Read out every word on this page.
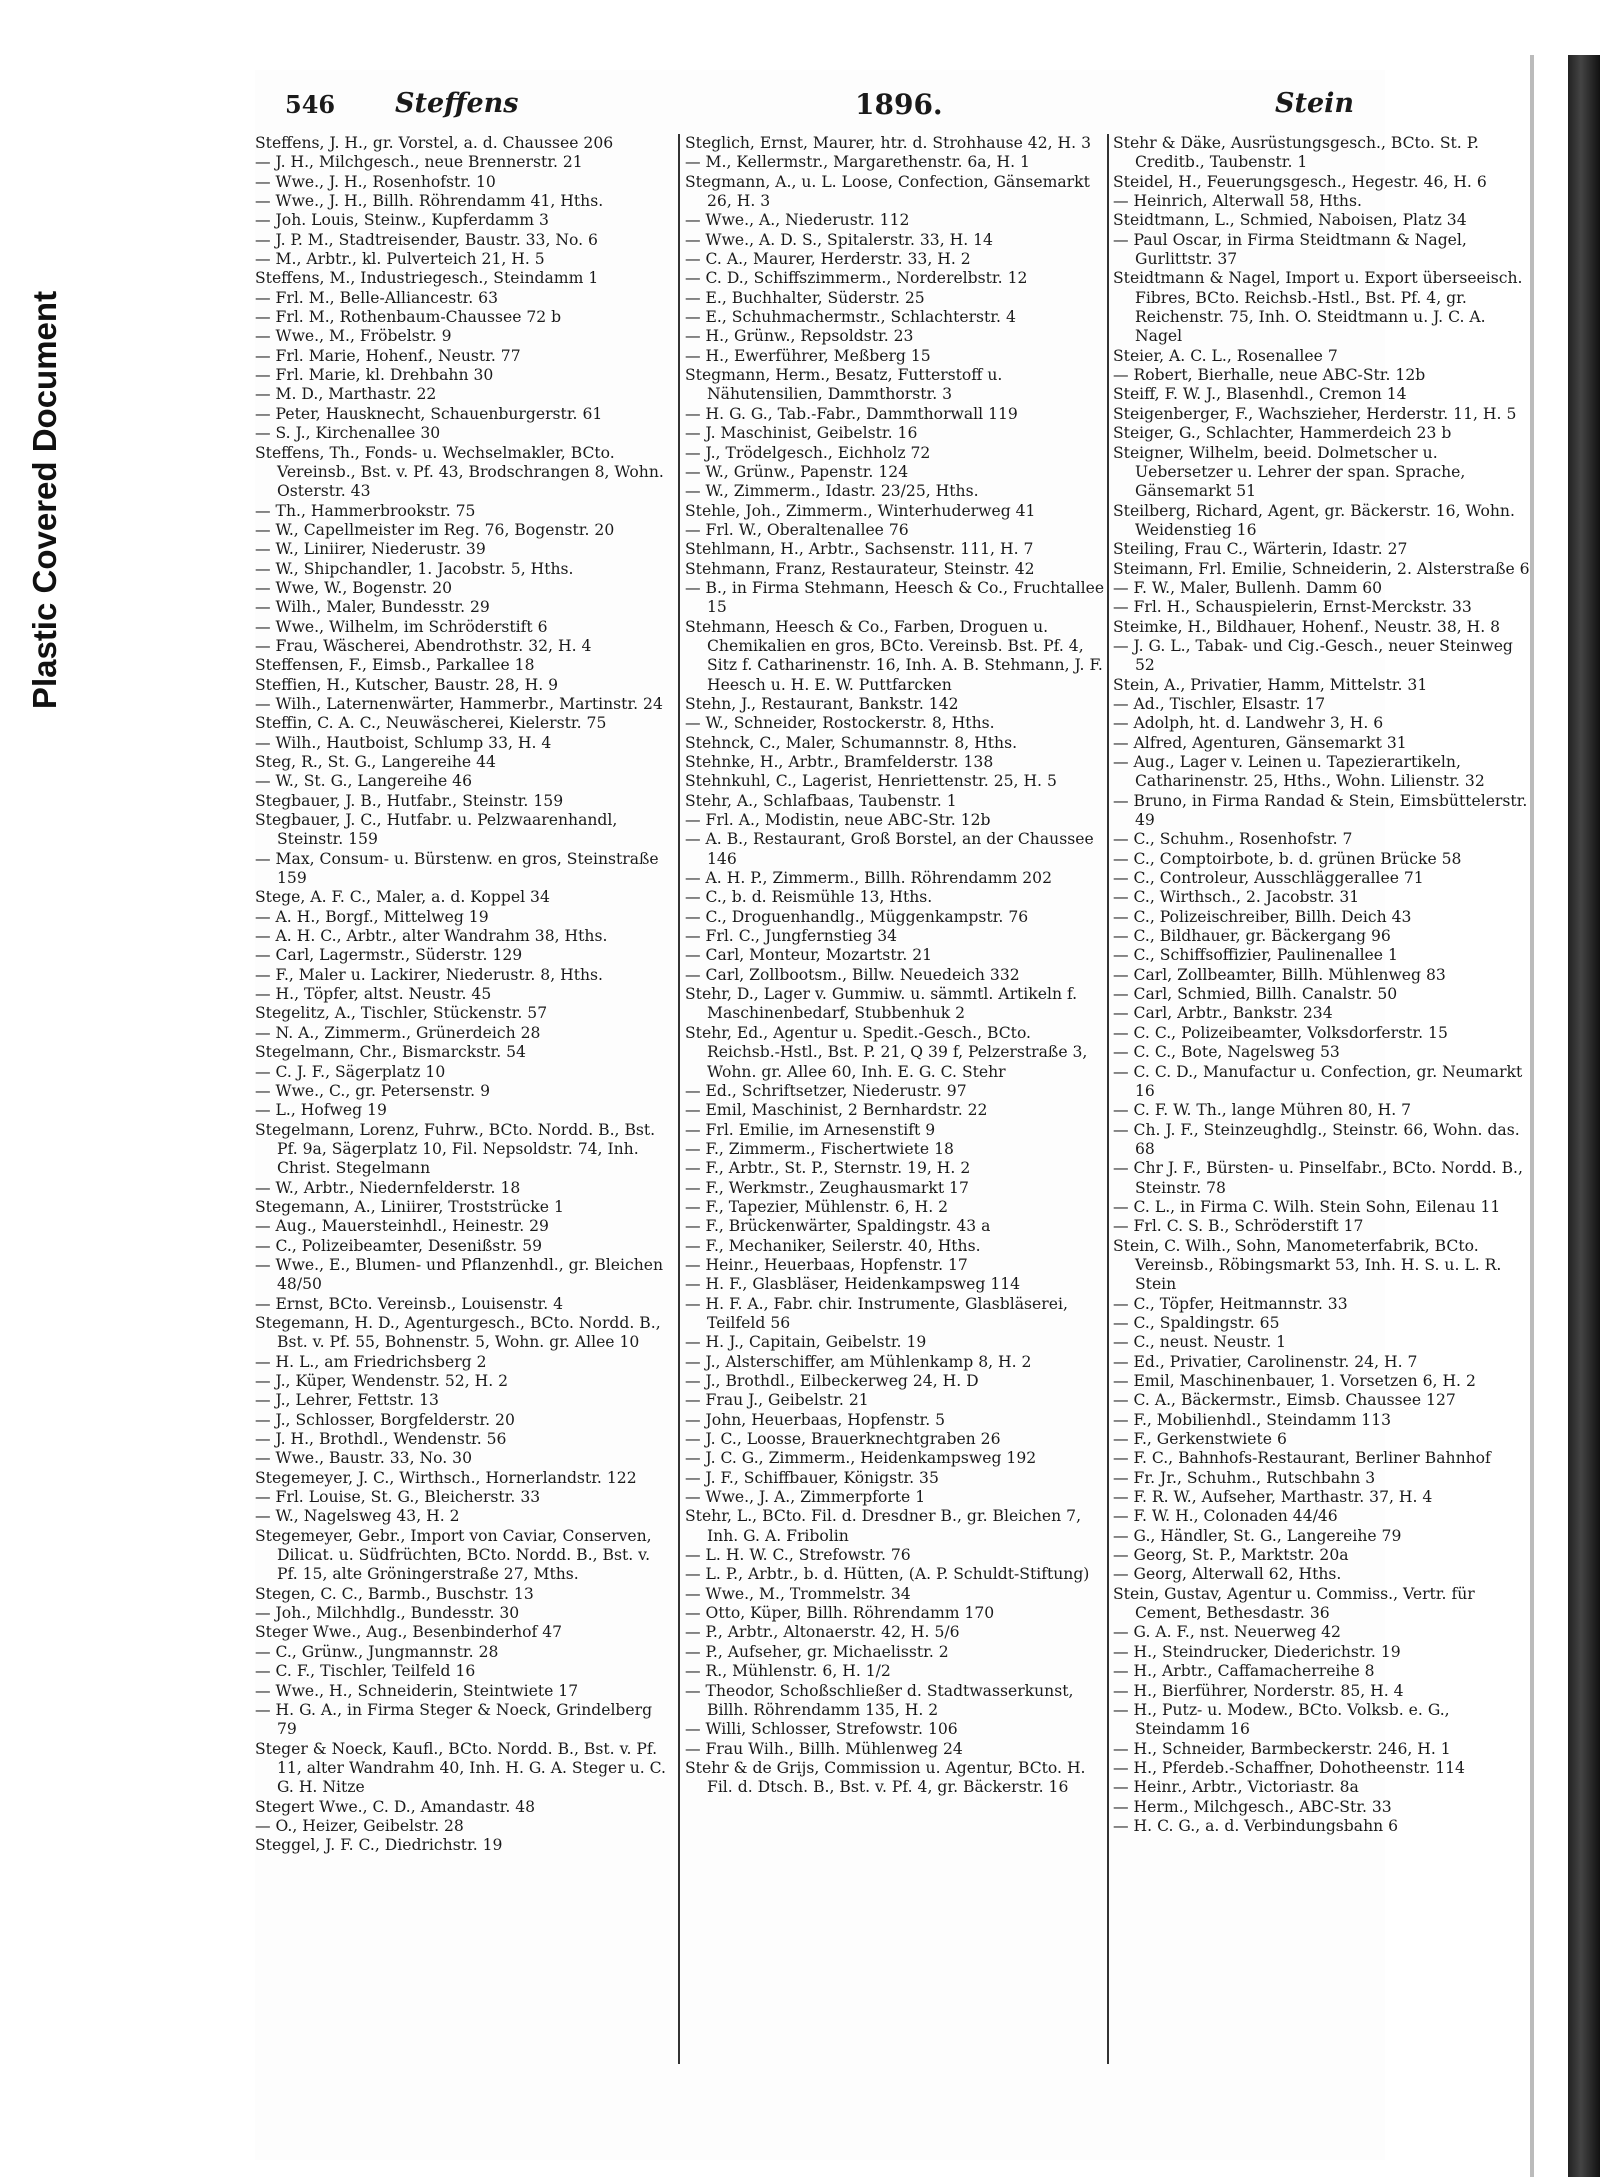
Plastic Covered Document
546 Steffens	1896.	Stein

Steffens, J. H., gr. Vorstel, a. d. Chaussee 206

— J. H., Milchgesch., neue Brennerstr. 21

— Wwe., J. H., Rosenhofstr. 10

— Wwe., J. H., Billh. Röhrendamm 41, Hths.

— Joh. Louis, Steinw., Kupferdamm 3

— J. P. M., Stadtreisender, Baustr. 33, No. 6

— M., Arbtr., kl. Pulverteich 21, H. 5

Steffens, M., Industriegesch., Steindamm 1

— Frl. M., Belle-Alliancestr. 63

— Frl. M., Rothenbaum-Chaussee 72 b

— Wwe., M., Fröbelstr. 9

— Frl. Marie, Hohenf., Neustr. 77

— Frl. Marie, kl. Drehbahn 30

— M. D., Marthastr. 22

— Peter, Hausknecht, Schauenburgerstr. 61

— S. J., Kirchenallee 30

Steffens, Th., Fonds- u. Wechselmakler, BCto. Vereinsb., Bst. v. Pf. 43, Brodschrangen 8, Wohn. Osterstr. 43

— Th., Hammerbrookstr. 75

— W., Capellmeister im Reg. 76, Bogenstr. 20

— W., Liniirer, Niederustr. 39

— W., Shipchandler, 1. Jacobstr. 5, Hths.

— Wwe, W., Bogenstr. 20

— Wilh., Maler, Bundesstr. 29

— Wwe., Wilhelm, im Schröderstift 6

— Frau, Wäscherei, Abendrothstr. 32, H. 4

Steffensen, F., Eimsb., Parkallee 18

Steffien, H., Kutscher, Baustr. 28, H. 9

— Wilh., Laternenwärter, Hammerbr., Martinstr. 24

Steffin, C. A. C., Neuwäscherei, Kielerstr. 75

— Wilh., Hautboist, Schlump 33, H. 4

Steg, R., St. G., Langereihe 44

— W., St. G., Langereihe 46

Stegbauer, J. B., Hutfabr., Steinstr. 159

Stegbauer, J. C., Hutfabr. u. Pelzwaarenhandl, Steinstr. 159

— Max, Consum- u. Bürstenw. en gros, Steinstraße 159

Stege, A. F. C., Maler, a. d. Koppel 34

— A. H., Borgf., Mittelweg 19

— A. H. C., Arbtr., alter Wandrahm 38, Hths.

— Carl, Lagermstr., Süderstr. 129

— F., Maler u. Lackirer, Niederustr. 8, Hths.

— H., Töpfer, altst. Neustr. 45

Stegelitz, A., Tischler, Stückenstr. 57

— N. A., Zimmerm., Grünerdeich 28

Stegelmann, Chr., Bismarckstr. 54

— C. J. F., Sägerplatz 10

— Wwe., C., gr. Petersenstr. 9

— L., Hofweg 19

Stegelmann, Lorenz, Fuhrw., BCto. Nordd. B., Bst. Pf. 9a, Sägerplatz 10, Fil. Nepsoldstr. 74, Inh. Christ. Stegelmann

— W., Arbtr., Niedernfelderstr. 18

Stegemann, A., Liniirer, Troststrücke 1

— Aug., Mauersteinhdl., Heinestr. 29

— C., Polizeibeamter, Desenißstr. 59

— Wwe., E., Blumen- und Pflanzenhdl., gr. Bleichen 48/50

— Ernst, BCto. Vereinsb., Louisenstr. 4

Stegemann, H. D., Agenturgesch., BCto. Nordd. B., Bst. v. Pf. 55, Bohnenstr. 5, Wohn. gr. Allee 10

— H. L., am Friedrichsberg 2

— J., Küper, Wendenstr. 52, H. 2

— J., Lehrer, Fettstr. 13

— J., Schlosser, Borgfelderstr. 20

— J. H., Brothdl., Wendenstr. 56

— Wwe., Baustr. 33, No. 30

Stegemeyer, J. C., Wirthsch., Hornerlandstr. 122

— Frl. Louise, St. G., Bleicherstr. 33

— W., Nagelsweg 43, H. 2

Stegemeyer, Gebr., Import von Caviar, Conserven, Dilicat. u. Südfrüchten, BCto. Nordd. B., Bst. v. Pf. 15, alte Gröningerstraße 27, Mths.

Stegen, C. C., Barmb., Buschstr. 13

— Joh., Milchhdlg., Bundesstr. 30

Steger Wwe., Aug., Besenbinderhof 47

— C., Grünw., Jungmannstr. 28

— C. F., Tischler, Teilfeld 16

— Wwe., H., Schneiderin, Steintwiete 17

— H. G. A., in Firma Steger & Noeck, Grindelberg 79

Steger & Noeck, Kaufl., BCto. Nordd. B., Bst. v. Pf. 11, alter Wandrahm 40, Inh. H. G. A. Steger u. C. G. H. Nitze

Stegert Wwe., C. D., Amandastr. 48

— O., Heizer, Geibelstr. 28

Steggel, J. F. C., Diedrichstr. 19

Steglich, Ernst, Maurer, htr. d. Strohhause 42, H. 3

— M., Kellermstr., Margarethenstr. 6a, H. 1

Stegmann, A., u. L. Loose, Confection, Gänsemarkt 26, H. 3

— Wwe., A., Niederustr. 112

— Wwe., A. D. S., Spitalerstr. 33, H. 14

— C. A., Maurer, Herderstr. 33, H. 2

— C. D., Schiffszimmerm., Norderelbstr. 12

— E., Buchhalter, Süderstr. 25

— E., Schuhmachermstr., Schlachterstr. 4

— H., Grünw., Repsoldstr. 23

— H., Ewerführer, Meßberg 15

Stegmann, Herm., Besatz, Futterstoff u. Nähutensilien, Dammthorstr. 3

— H. G. G., Tab.-Fabr., Dammthorwall 119

— J. Maschinist, Geibelstr. 16

— J., Trödelgesch., Eichholz 72

— W., Grünw., Papenstr. 124

— W., Zimmerm., Idastr. 23/25, Hths.

Stehle, Joh., Zimmerm., Winterhuderweg 41

— Frl. W., Oberaltenallee 76

Stehlmann, H., Arbtr., Sachsenstr. 111, H. 7

Stehmann, Franz, Restaurateur, Steinstr. 42

— B., in Firma Stehmann, Heesch & Co., Fruchtallee 15

Stehmann, Heesch & Co., Farben, Droguen u. Chemikalien en gros, BCto. Vereinsb. Bst. Pf. 4, Sitz f. Catharinenstr. 16, Inh. A. B. Stehmann, J. F. Heesch u. H. E. W. Puttfarcken

Stehn, J., Restaurant, Bankstr. 142

— W., Schneider, Rostockerstr. 8, Hths.

Stehnck, C., Maler, Schumannstr. 8, Hths.

Stehnke, H., Arbtr., Bramfelderstr. 138

Stehnkuhl, C., Lagerist, Henriettenstr. 25, H. 5

Stehr, A., Schlafbaas, Taubenstr. 1

— Frl. A., Modistin, neue ABC-Str. 12b

— A. B., Restaurant, Groß Borstel, an der Chaussee 146

— A. H. P., Zimmerm., Billh. Röhrendamm 202

— C., b. d. Reismühle 13, Hths.

— C., Droguenhandlg., Müggenkampstr. 76

— Frl. C., Jungfernstieg 34

— Carl, Monteur, Mozartstr. 21

— Carl, Zollbootsm., Billw. Neuedeich 332

Stehr, D., Lager v. Gummiw. u. sämmtl. Artikeln f. Maschinenbedarf, Stubbenhuk 2

Stehr, Ed., Agentur u. Spedit.-Gesch., BCto. Reichsb.-Hstl., Bst. P. 21, Q 39 f, Pelzerstraße 3, Wohn. gr. Allee 60, Inh. E. G. C. Stehr

— Ed., Schriftsetzer, Niederustr. 97

— Emil, Maschinist, 2 Bernhardstr. 22

— Frl. Emilie, im Arnesenstift 9

— F., Zimmerm., Fischertwiete 18

— F., Arbtr., St. P., Sternstr. 19, H. 2

— F., Werkmstr., Zeughausmarkt 17

— F., Tapezier, Mühlenstr. 6, H. 2

— F., Brückenwärter, Spaldingstr. 43 a

— F., Mechaniker, Seilerstr. 40, Hths.

— Heinr., Heuerbaas, Hopfenstr. 17

— H. F., Glasbläser, Heidenkampsweg 114

— H. F. A., Fabr. chir. Instrumente, Glasbläserei, Teilfeld 56

— H. J., Capitain, Geibelstr. 19

— J., Alsterschiffer, am Mühlenkamp 8, H. 2

— J., Brothdl., Eilbeckerweg 24, H. D

— Frau J., Geibelstr. 21

— John, Heuerbaas, Hopfenstr. 5

— J. C., Loosse, Brauerknechtgraben 26

— J. C. G., Zimmerm., Heidenkampsweg 192

— J. F., Schiffbauer, Königstr. 35

— Wwe., J. A., Zimmerpforte 1

Stehr, L., BCto. Fil. d. Dresdner B., gr. Bleichen 7, Inh. G. A. Fribolin

— L. H. W. C., Strefowstr. 76

— L. P., Arbtr., b. d. Hütten, (A. P. Schuldt-Stiftung)

— Wwe., M., Trommelstr. 34

— Otto, Küper, Billh. Röhrendamm 170

— P., Arbtr., Altonaerstr. 42, H. 5/6

— P., Aufseher, gr. Michaelisstr. 2

— R., Mühlenstr. 6, H. 1/2

— Theodor, Schoßschließer d. Stadtwasserkunst, Billh. Röhrendamm 135, H. 2

— Willi, Schlosser, Strefowstr. 106

— Frau Wilh., Billh. Mühlenweg 24

Stehr & de Grijs, Commission u. Agentur, BCto. H. Fil. d. Dtsch. B., Bst. v. Pf. 4, gr. Bäckerstr. 16

Stehr & Däke, Ausrüstungsgesch., BCto. St. P. Creditb., Taubenstr. 1

Steidel, H., Feuerungsgesch., Hegestr. 46, H. 6

— Heinrich, Alterwall 58, Hths.

Steidtmann, L., Schmied, Naboisen, Platz 34

— Paul Oscar, in Firma Steidtmann & Nagel, Gurlittstr. 37

Steidtmann & Nagel, Import u. Export überseeisch. Fibres, BCto. Reichsb.-Hstl., Bst. Pf. 4, gr. Reichenstr. 75, Inh. O. Steidtmann u. J. C. A. Nagel

Steier, A. C. L., Rosenallee 7

— Robert, Bierhalle, neue ABC-Str. 12b

Steiff, F. W. J., Blasenhdl., Cremon 14

Steigenberger, F., Wachszieher, Herderstr. 11, H. 5

Steiger, G., Schlachter, Hammerdeich 23 b

Steigner, Wilhelm, beeid. Dolmetscher u. Uebersetzer u. Lehrer der span. Sprache, Gänsemarkt 51

Steilberg, Richard, Agent, gr. Bäckerstr. 16, Wohn. Weidenstieg 16

Steiling, Frau C., Wärterin, Idastr. 27

Steimann, Frl. Emilie, Schneiderin, 2. Alsterstraße 6

— F. W., Maler, Bullenh. Damm 60

— Frl. H., Schauspielerin, Ernst-Merckstr. 33

Steimke, H., Bildhauer, Hohenf., Neustr. 38, H. 8

— J. G. L., Tabak- und Cig.-Gesch., neuer Steinweg 52

Stein, A., Privatier, Hamm, Mittelstr. 31

— Ad., Tischler, Elsastr. 17

— Adolph, ht. d. Landwehr 3, H. 6

— Alfred, Agenturen, Gänsemarkt 31

— Aug., Lager v. Leinen u. Tapezierartikeln, Catharinenstr. 25, Hths., Wohn. Lilienstr. 32

— Bruno, in Firma Randad & Stein, Eimsbüttelerstr. 49

— C., Schuhm., Rosenhofstr. 7

— C., Comptoirbote, b. d. grünen Brücke 58

— C., Controleur, Ausschläggerallee 71

— C., Wirthsch., 2. Jacobstr. 31

— C., Polizeischreiber, Billh. Deich 43

— C., Bildhauer, gr. Bäckergang 96

— C., Schiffsoffizier, Paulinenallee 1

— Carl, Zollbeamter, Billh. Mühlenweg 83

— Carl, Schmied, Billh. Canalstr. 50

— Carl, Arbtr., Bankstr. 234

— C. C., Polizeibeamter, Volksdorferstr. 15

— C. C., Bote, Nagelsweg 53

— C. C. D., Manufactur u. Confection, gr. Neumarkt 16

— C. F. W. Th., lange Mühren 80, H. 7

— Ch. J. F., Steinzeughdlg., Steinstr. 66, Wohn. das. 68

— Chr J. F., Bürsten- u. Pinselfabr., BCto. Nordd. B., Steinstr. 78

— C. L., in Firma C. Wilh. Stein Sohn, Eilenau 11

— Frl. C. S. B., Schröderstift 17

Stein, C. Wilh., Sohn, Manometerfabrik, BCto. Vereinsb., Röbingsmarkt 53, Inh. H. S. u. L. R. Stein

— C., Töpfer, Heitmannstr. 33

— C., Spaldingstr. 65

— C., neust. Neustr. 1

— Ed., Privatier, Carolinenstr. 24, H. 7

— Emil, Maschinenbauer, 1. Vorsetzen 6, H. 2

— C. A., Bäckermstr., Eimsb. Chaussee 127

— F., Mobilienhdl., Steindamm 113

— F., Gerkenstwiete 6

— F. C., Bahnhofs-Restaurant, Berliner Bahnhof

— Fr. Jr., Schuhm., Rutschbahn 3

— F. R. W., Aufseher, Marthastr. 37, H. 4

— F. W. H., Colonaden 44/46

— G., Händler, St. G., Langereihe 79

— Georg, St. P., Marktstr. 20a

— Georg, Alterwall 62, Hths.

Stein, Gustav, Agentur u. Commiss., Vertr. für Cement, Bethesdastr. 36

— G. A. F., nst. Neuerweg 42

— H., Steindrucker, Diederichstr. 19

— H., Arbtr., Caffamacherreihe 8

— H., Bierführer, Norderstr. 85, H. 4

— H., Putz- u. Modew., BCto. Volksb. e. G., Steindamm 16

— H., Schneider, Barmbeckerstr. 246, H. 1

— H., Pferdeb.-Schaffner, Dohotheenstr. 114

— Heinr., Arbtr., Victoriastr. 8a

— Herm., Milchgesch., ABC-Str. 33

— H. C. G., a. d. Verbindungsbahn 6
